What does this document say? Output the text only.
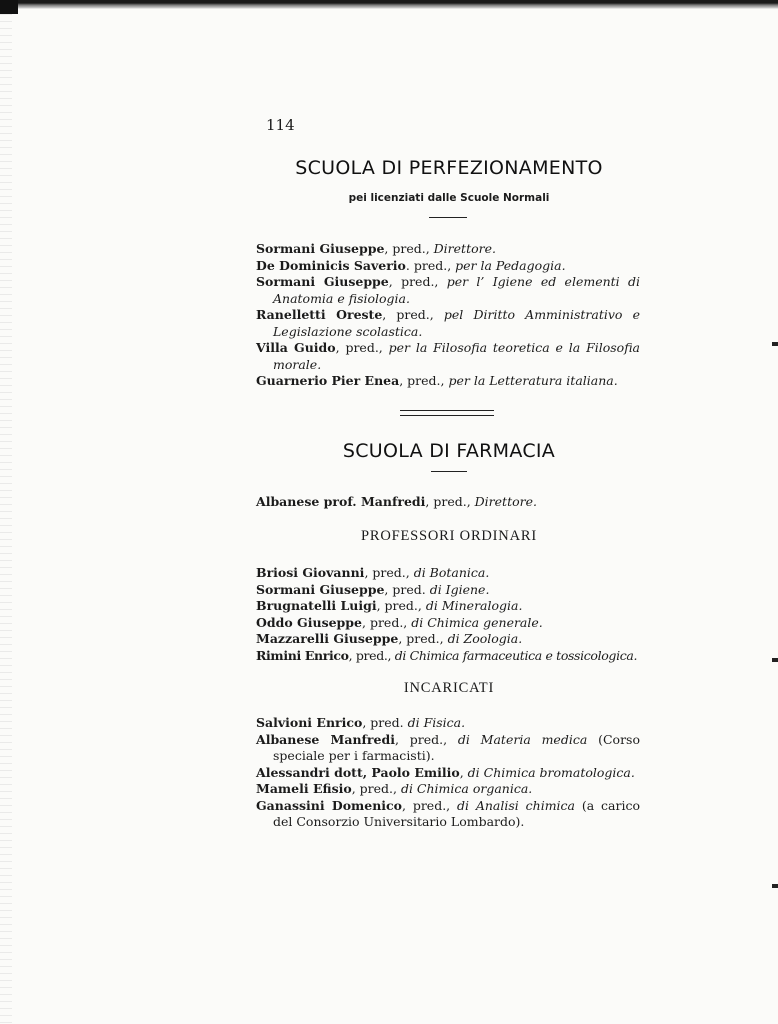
114
SCUOLA DI PERFEZIONAMENTO
pei licenziati dalle Scuole Normali

Sormani Giuseppe, pred., Direttore.

De Dominicis Saverio. pred., per la Pedagogia.

Sormani Giuseppe, pred., per l’ Igiene ed elementi di Anatomia e fisiologia.

Ranelletti Oreste, pred., pel Diritto Amministrativo e Legislazione scolastica.

Villa Guido, pred., per la Filosofia teoretica e la Filosofia morale.

Guarnerio Pier Enea, pred., per la Letteratura italiana.

SCUOLA DI FARMACIA

Albanese prof. Manfredi, pred., Direttore.

PROFESSORI ORDINARI

Briosi Giovanni, pred., di Botanica.

Sormani Giuseppe, pred. di Igiene.

Brugnatelli Luigi, pred., di Mineralogia.

Oddo Giuseppe, pred., di Chimica generale.

Mazzarelli Giuseppe, pred., di Zoologia.

Rimini Enrico, pred., di Chimica farmaceutica e tossicologica.

INCARICATI

Salvioni Enrico, pred. di Fisica.

Albanese Manfredi, pred., di Materia medica (Corso speciale per i farmacisti).

Alessandri dott, Paolo Emilio, di Chimica bromatologica.

Mameli Efisio, pred., di Chimica organica.

Ganassini Domenico, pred., di Analisi chimica (a carico del Consorzio Universitario Lombardo).
